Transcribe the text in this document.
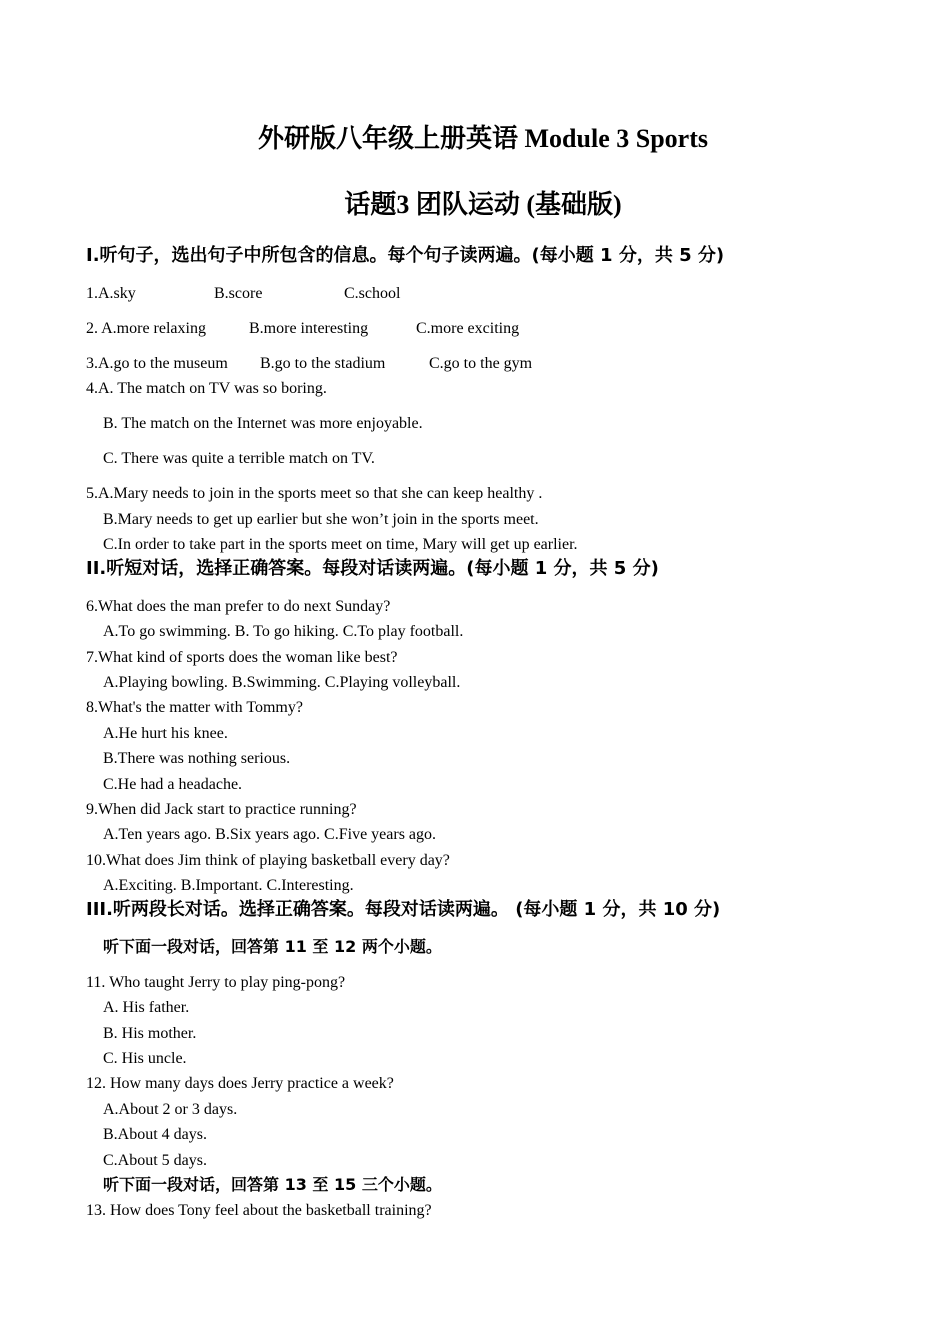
外研版八年级上册英语 Module 3 Sports
话题3 团队运动 (基础版)
I.听句子，选出句子中所包含的信息。每个句子读两遍。(每小题 1 分，共 5 分)
1.A.sky	B.score	C.school
2. A.more relaxing	B.more interesting	C.more exciting
3.A.go to the museum B.go to the stadium	C.go to the gym
4.A. The match on TV was so boring.
B. The match on the Internet was more enjoyable.
C. There was quite a terrible match on TV.
5.A.Mary needs to join in the sports meet so that she can keep healthy .
B.Mary needs to get up earlier but she won’t join in the sports meet.
C.In order to take part in the sports meet on time, Mary will get up earlier.
II.听短对话，选择正确答案。每段对话读两遍。(每小题 1 分，共 5 分)
6.What does the man prefer to do next Sunday?
A.To go swimming. B. To go hiking. C.To play football.
7.What kind of sports does the woman like best?
A.Playing bowling. B.Swimming. C.Playing volleyball.
8.What's the matter with Tommy?
A.He hurt his knee.
B.There was nothing serious.
C.He had a headache.
9.When did Jack start to practice running?
A.Ten years ago. B.Six years ago. C.Five years ago.
10.What does Jim think of playing basketball every day?
A.Exciting. B.Important. C.Interesting.
III.听两段长对话。选择正确答案。每段对话读两遍。 (每小题 1 分，共 10 分)
听下面一段对话，回答第 11 至 12 两个小题。
11. Who taught Jerry to play ping-pong?
A. His father.
B. His mother.
C. His uncle.
12. How many days does Jerry practice a week?
A.About 2 or 3 days.
B.About 4 days.
C.About 5 days.
听下面一段对话，回答第 13 至 15 三个小题。
13. How does Tony feel about the basketball training?
